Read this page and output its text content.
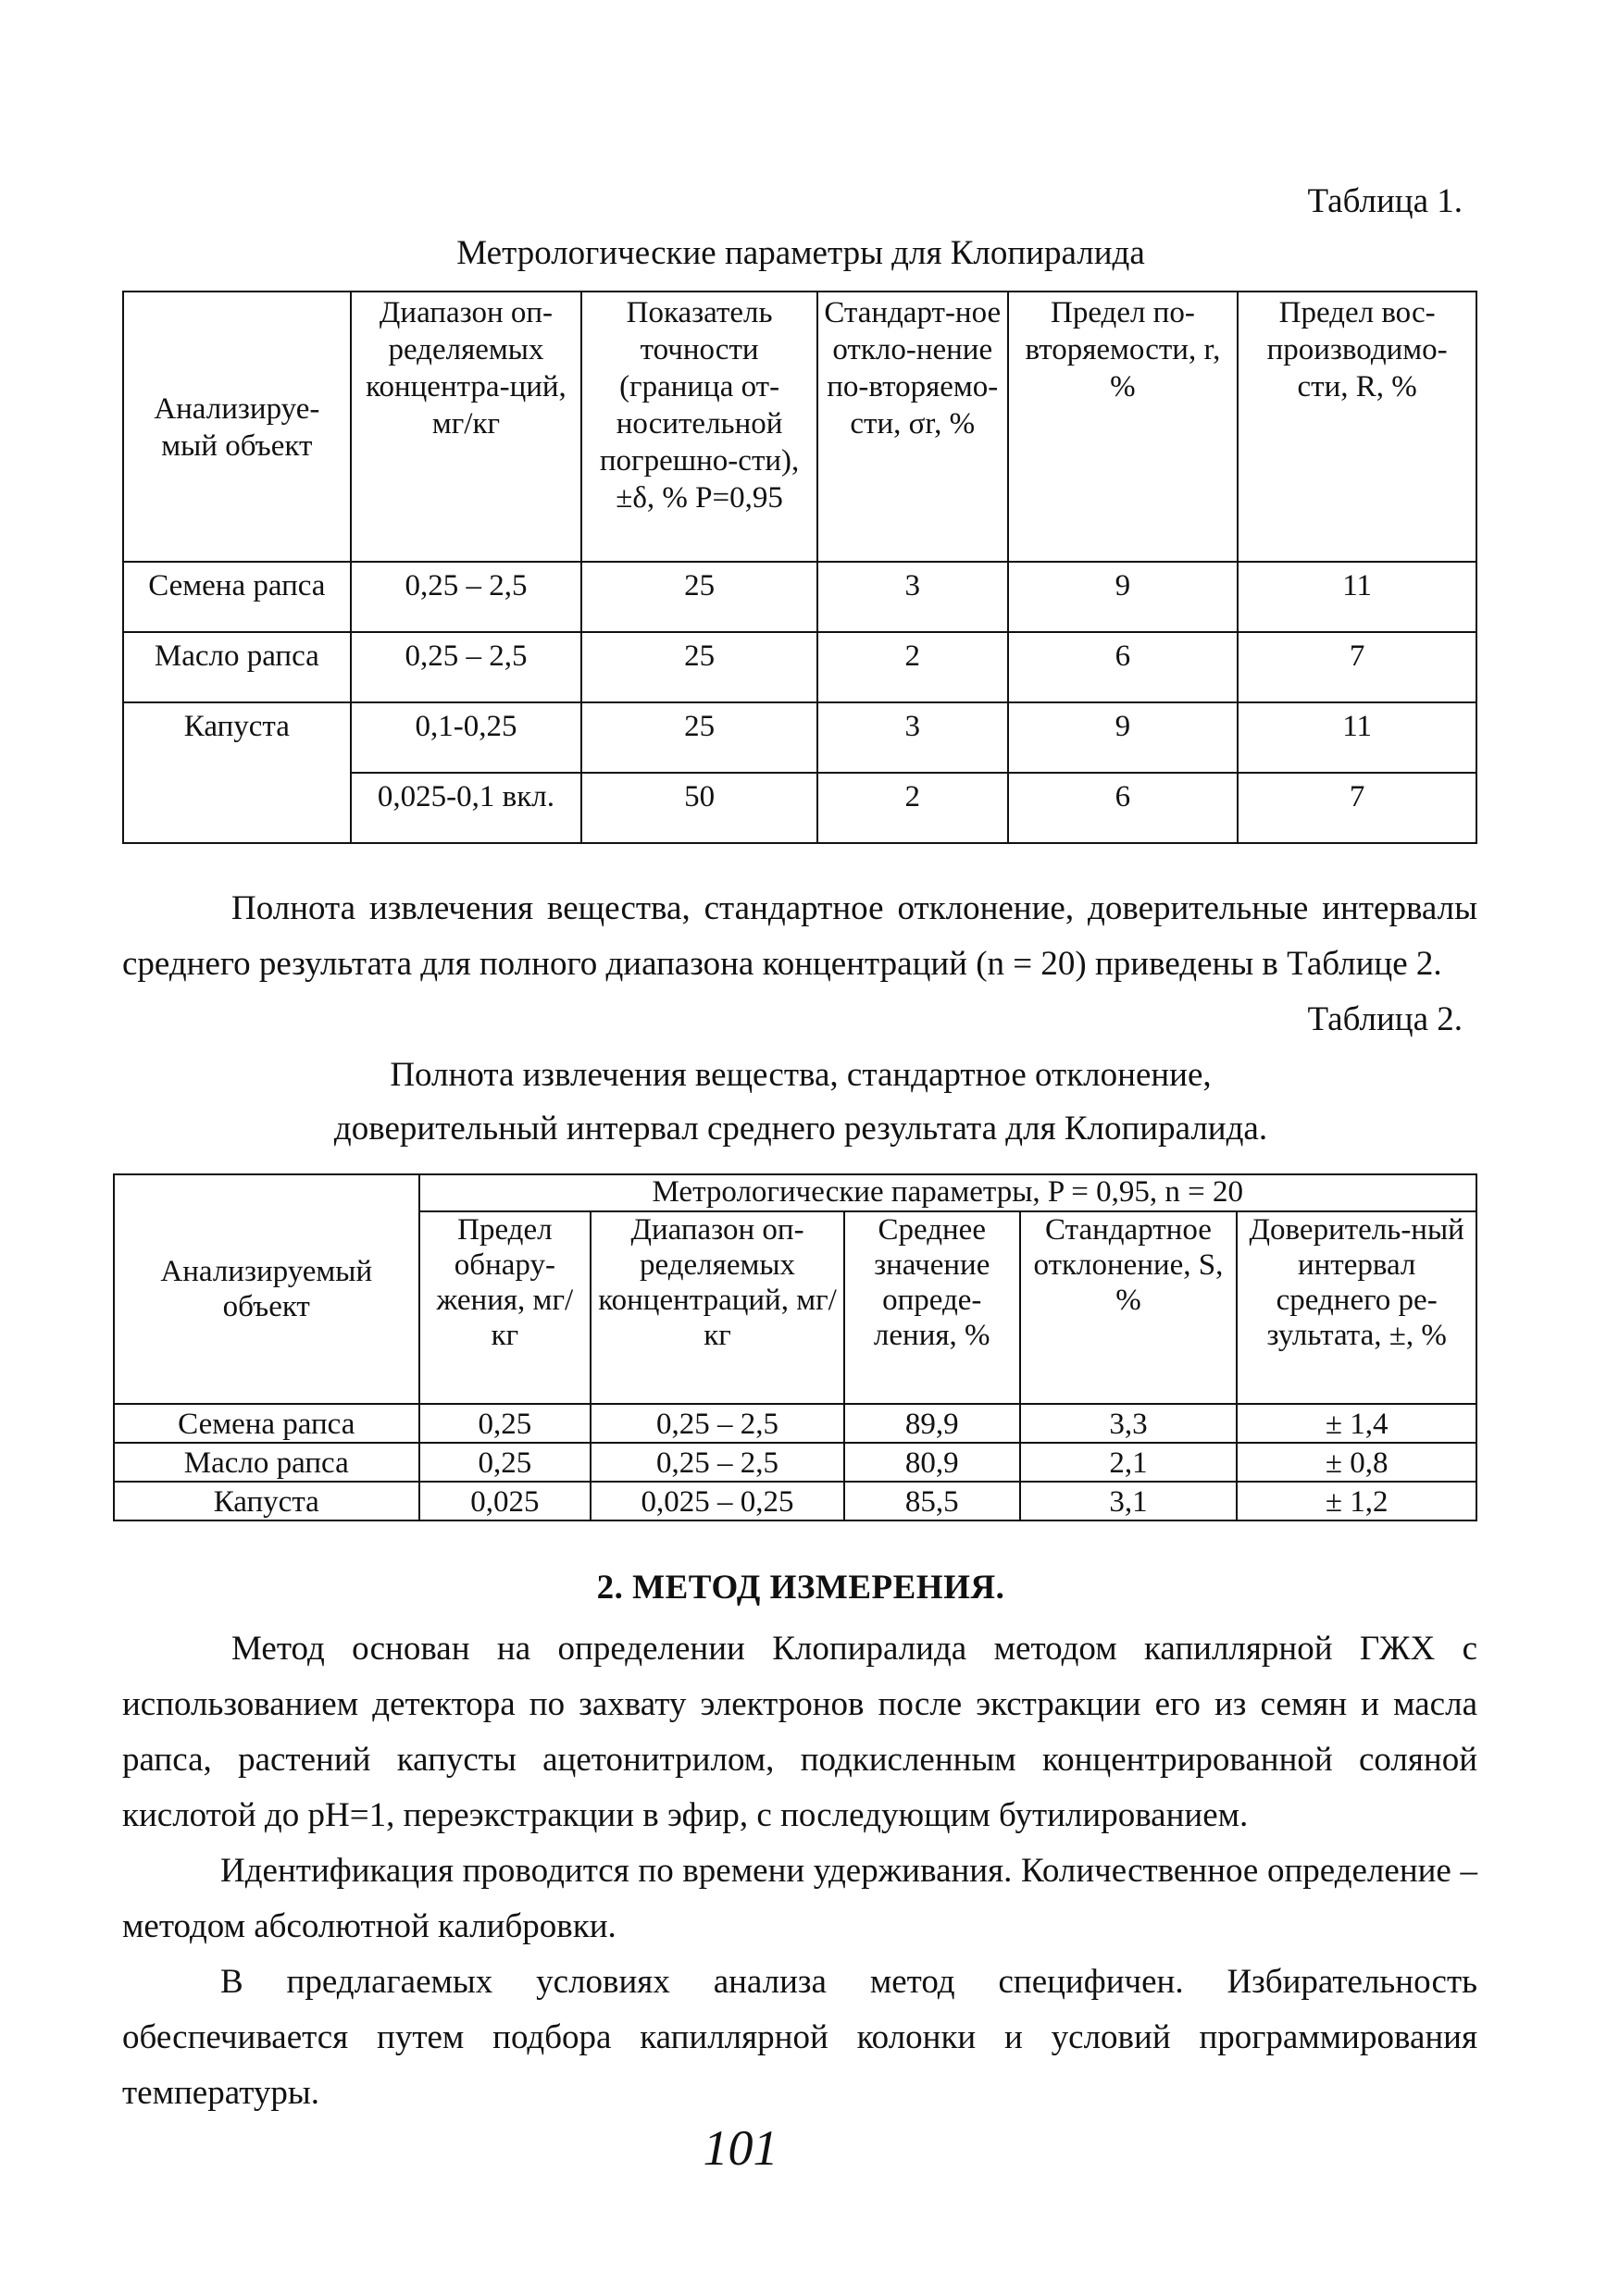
Таблица 1.
Метрологические параметры для Клопиралида
Анализируе-мый объект	Диапазон оп-ределяемых концентра-ций, мг/кг	Показатель точности (граница от-носительной погрешно-сти), ±δ, % P=0,95	Стандарт-ное откло-нение по-вторяемо-сти, σr, %	Предел по-вторяемости, r, %	Предел вос-производимо-сти, R, %
Семена рапса	0,25 – 2,5	25	3	9	11
Масло рапса	0,25 – 2,5	25	2	6	7
Капуста	0,1-0,25	25	3	9	11
	0,025-0,1 вкл.	50	2	6	7
Полнота извлечения вещества, стандартное отклонение, доверительные интервалы среднего результата для полного диапазона концентраций (n = 20) приведены в Таблице 2.
Таблица 2.
Полнота извлечения вещества, стандартное отклонение,
доверительный интервал среднего результата для Клопиралида.
Анализируемый объект	Метрологические параметры, P = 0,95, n = 20				
	Предел обнару-жения, мг/кг	Диапазон оп-ределяемых концентраций, мг/кг	Среднее значение опреде-ления, %	Стандартное отклонение, S, %	Доверитель-ный интервал среднего ре-зультата, ±, %
Семена рапса	0,25	0,25 – 2,5	89,9	3,3	± 1,4
Масло рапса	0,25	0,25 – 2,5	80,9	2,1	± 0,8
Капуста	0,025	0,025 – 0,25	85,5	3,1	± 1,2
2. МЕТОД ИЗМЕРЕНИЯ.
Метод основан на определении Клопиралида методом капиллярной ГЖХ с использованием детектора по захвату электронов после экстракции его из семян и масла рапса, растений капусты ацетонитрилом, подкисленным концентрированной соляной кислотой до pH=1, переэкстракции в эфир, с последующим бутилированием.
Идентификация проводится по времени удерживания. Количественное определение – методом абсолютной калибровки.
В предлагаемых условиях анализа метод специфичен. Избирательность обеспечивается путем подбора капиллярной колонки и условий программирования температуры.
101
